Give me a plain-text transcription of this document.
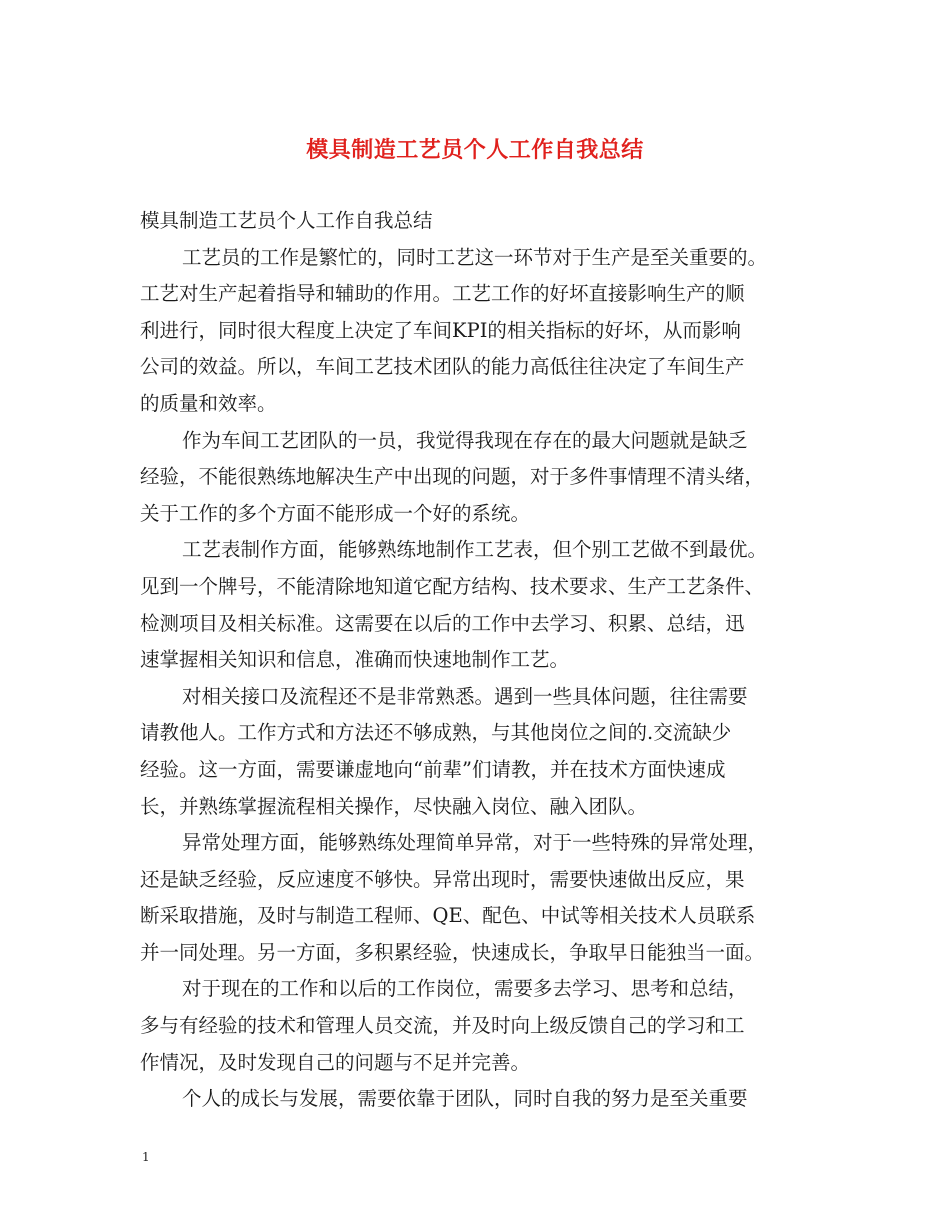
模具制造工艺员个人工作自我总结
模具制造工艺员个人工作自我总结
工艺员的工作是繁忙的，同时工艺这一环节对于生产是至关重要的。
工艺对生产起着指导和辅助的作用。工艺工作的好坏直接影响生产的顺
利进行，同时很大程度上决定了车间KPI的相关指标的好坏，从而影响
公司的效益。所以，车间工艺技术团队的能力高低往往决定了车间生产
的质量和效率。
作为车间工艺团队的一员，我觉得我现在存在的最大问题就是缺乏
经验，不能很熟练地解决生产中出现的问题，对于多件事情理不清头绪，
关于工作的多个方面不能形成一个好的系统。
工艺表制作方面，能够熟练地制作工艺表，但个别工艺做不到最优。
见到一个牌号，不能清除地知道它配方结构、技术要求、生产工艺条件、
检测项目及相关标准。这需要在以后的工作中去学习、积累、总结，迅
速掌握相关知识和信息，准确而快速地制作工艺。
对相关接口及流程还不是非常熟悉。遇到一些具体问题，往往需要
请教他人。工作方式和方法还不够成熟，与其他岗位之间的.交流缺少
经验。这一方面，需要谦虚地向“前辈”们请教，并在技术方面快速成
长，并熟练掌握流程相关操作，尽快融入岗位、融入团队。
异常处理方面，能够熟练处理简单异常，对于一些特殊的异常处理，
还是缺乏经验，反应速度不够快。异常出现时，需要快速做出反应，果
断采取措施，及时与制造工程师、QE、配色、中试等相关技术人员联系
并一同处理。另一方面，多积累经验，快速成长，争取早日能独当一面。
对于现在的工作和以后的工作岗位，需要多去学习、思考和总结，
多与有经验的技术和管理人员交流，并及时向上级反馈自己的学习和工
作情况，及时发现自己的问题与不足并完善。
个人的成长与发展，需要依靠于团队，同时自我的努力是至关重要

1
